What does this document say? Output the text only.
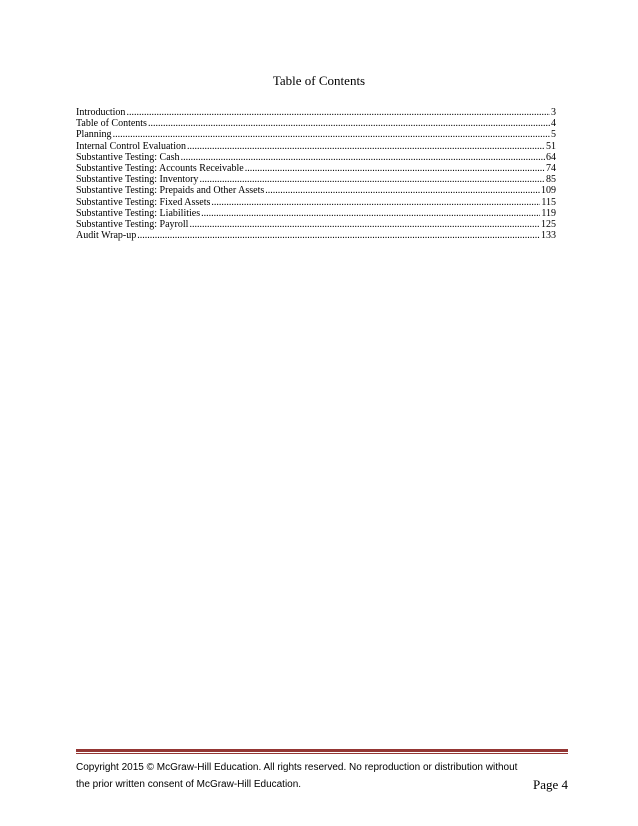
Table of Contents
Introduction .....	3
Table of Contents .....	4
Planning .....	5
Internal Control Evaluation .....	51
Substantive Testing: Cash .....	64
Substantive Testing: Accounts Receivable .....	74
Substantive Testing: Inventory .....	85
Substantive Testing: Prepaids and Other Assets .....	109
Substantive Testing: Fixed Assets .....	115
Substantive Testing: Liabilities .....	119
Substantive Testing: Payroll .....	125
Audit Wrap-up .....	133
Copyright 2015 © McGraw-Hill Education. All rights reserved. No reproduction or distribution without
the prior written consent of McGraw-Hill Education.	Page 4
